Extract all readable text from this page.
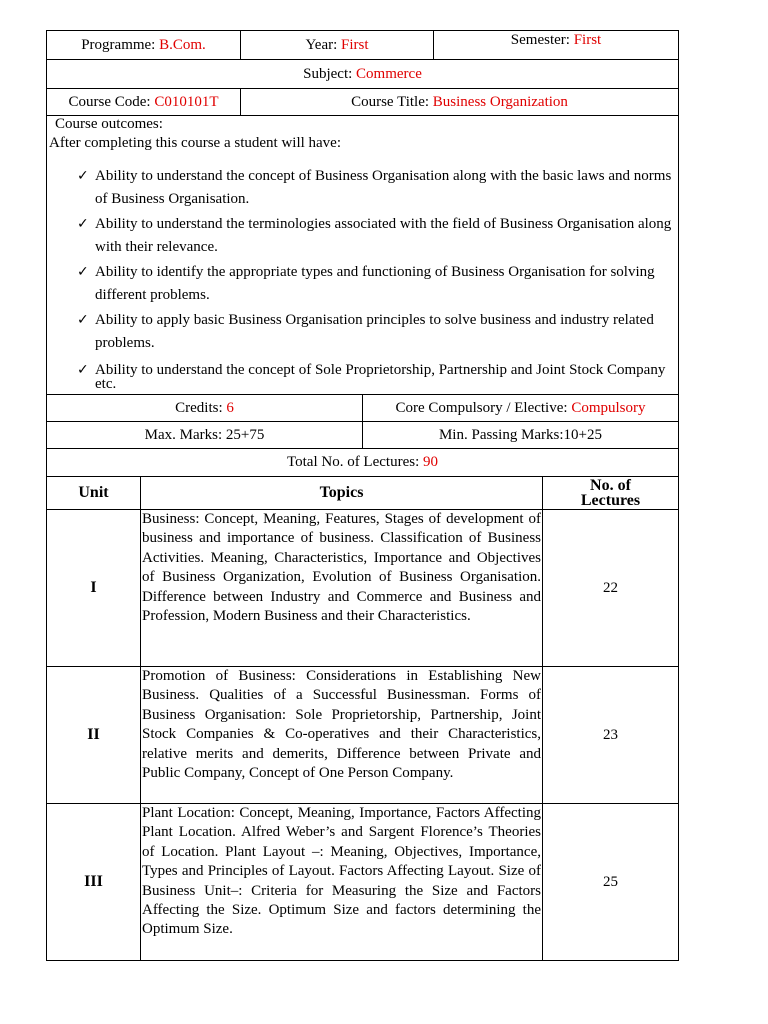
Programme: B.Com.	Year: First	Semester: First
Subject: Commerce
Course Code: C010101T	Course Title: Business Organization

Course outcomes:
After completing this course a student will have:
✓ Ability to understand the concept of Business Organisation along with the basic laws and norms of Business Organisation.
✓ Ability to understand the terminologies associated with the field of Business Organisation along with their relevance.
✓ Ability to identify the appropriate types and functioning of Business Organisation for solving different problems.
✓ Ability to apply basic Business Organisation principles to solve business and industry related problems.
✓ Ability to understand the concept of Sole Proprietorship, Partnership and Joint Stock Company etc.
Credits: 6	Core Compulsory / Elective: Compulsory
Max. Marks: 25+75	Min. Passing Marks:10+25
Total No. of Lectures: 90	
Unit	Topics	No. of
Lectures

I	Business: Concept, Meaning, Features, Stages of development of business and importance of business. Classification of Business Activities. Meaning, Characteristics, Importance and Objectives of Business Organization, Evolution of Business Organisation. Difference between Industry and Commerce and Business and Profession, Modern Business and their Characteristics.	22
II	Promotion of Business: Considerations in Establishing New Business. Qualities of a Successful Businessman. Forms of Business Organisation: Sole Proprietorship, Partnership, Joint Stock Companies & Co-operatives and their Characteristics, relative merits and demerits, Difference between Private and Public Company, Concept of One Person Company.	23
III	Plant Location: Concept, Meaning, Importance, Factors Affecting Plant Location. Alfred Weber’s and Sargent Florence’s Theories of Location. Plant Layout –: Meaning, Objectives, Importance, Types and Principles of Layout. Factors Affecting Layout. Size of Business Unit–: Criteria for Measuring the Size and Factors Affecting the Size. Optimum Size and factors determining the Optimum Size.	25
